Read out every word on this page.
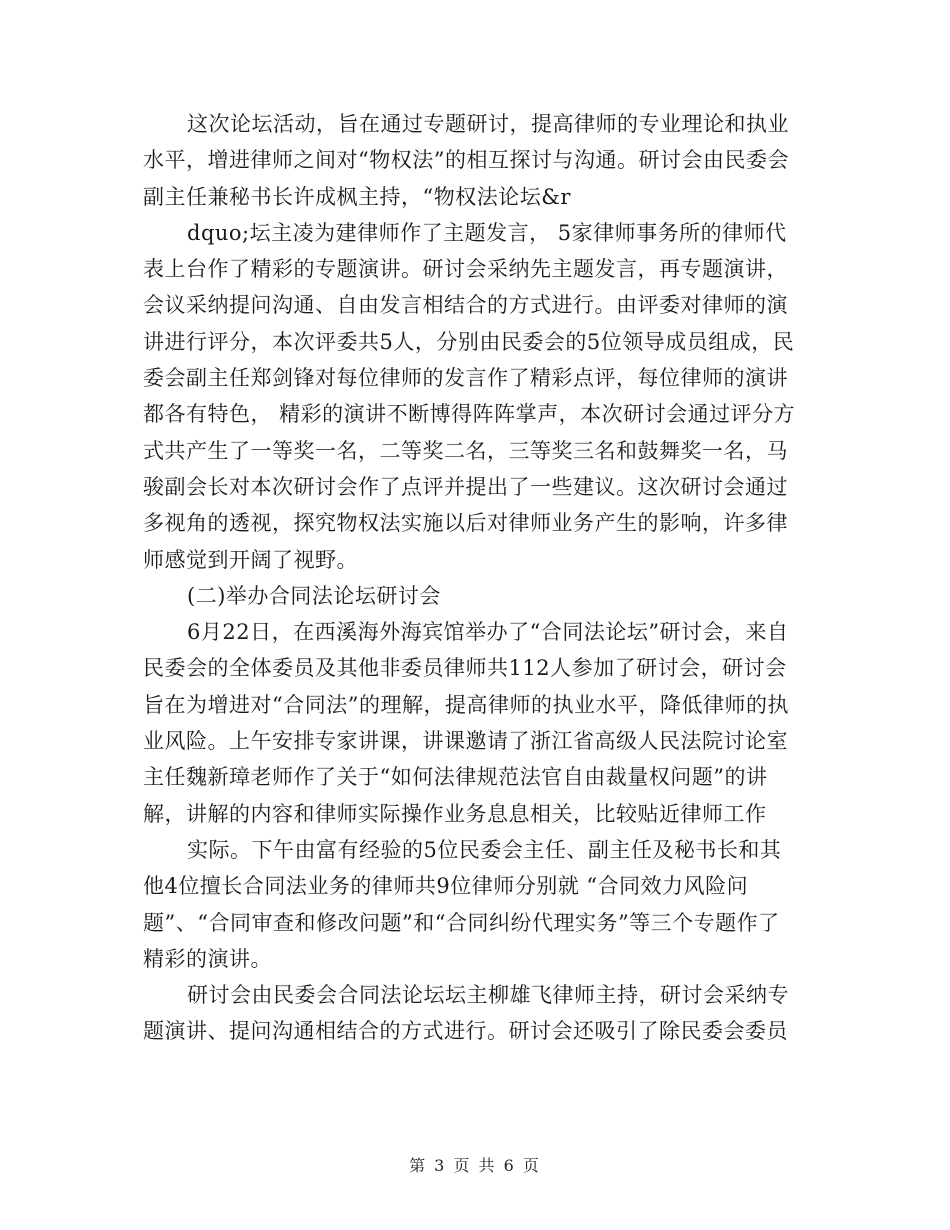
这次论坛活动，旨在通过专题研讨，提高律师的专业理论和执业水平，增进律师之间对“物权法”的相互探讨与沟通。研讨会由民委会副主任兼秘书长许成枫主持，“物权法论坛&r

dquo;坛主凌为建律师作了主题发言， 5家律师事务所的律师代表上台作了精彩的专题演讲。研讨会采纳先主题发言，再专题演讲，会议采纳提问沟通、自由发言相结合的方式进行。由评委对律师的演讲进行评分，本次评委共5人，分别由民委会的5位领导成员组成，民委会副主任郑剑锋对每位律师的发言作了精彩点评，每位律师的演讲都各有特色， 精彩的演讲不断博得阵阵掌声，本次研讨会通过评分方式共产生了一等奖一名，二等奖二名，三等奖三名和鼓舞奖一名，马骏副会长对本次研讨会作了点评并提出了一些建议。这次研讨会通过多视角的透视，探究物权法实施以后对律师业务产生的影响，许多律师感觉到开阔了视野。

(二)举办合同法论坛研讨会

6月22日，在西溪海外海宾馆举办了“合同法论坛”研讨会，来自民委会的全体委员及其他非委员律师共112人参加了研讨会，研讨会旨在为增进对“合同法”的理解，提高律师的执业水平，降低律师的执业风险。上午安排专家讲课，讲课邀请了浙江省高级人民法院讨论室主任魏新璋老师作了关于“如何法律规范法官自由裁量权问题”的讲解，讲解的内容和律师实际操作业务息息相关，比较贴近律师工作

实际。下午由富有经验的5位民委会主任、副主任及秘书长和其他4位擅长合同法业务的律师共9位律师分别就 “合同效力风险问题”、“合同审查和修改问题”和“合同纠纷代理实务”等三个专题作了精彩的演讲。

研讨会由民委会合同法论坛坛主柳雄飞律师主持，研讨会采纳专题演讲、提问沟通相结合的方式进行。研讨会还吸引了除民委会委员

第 3 页 共 6 页
